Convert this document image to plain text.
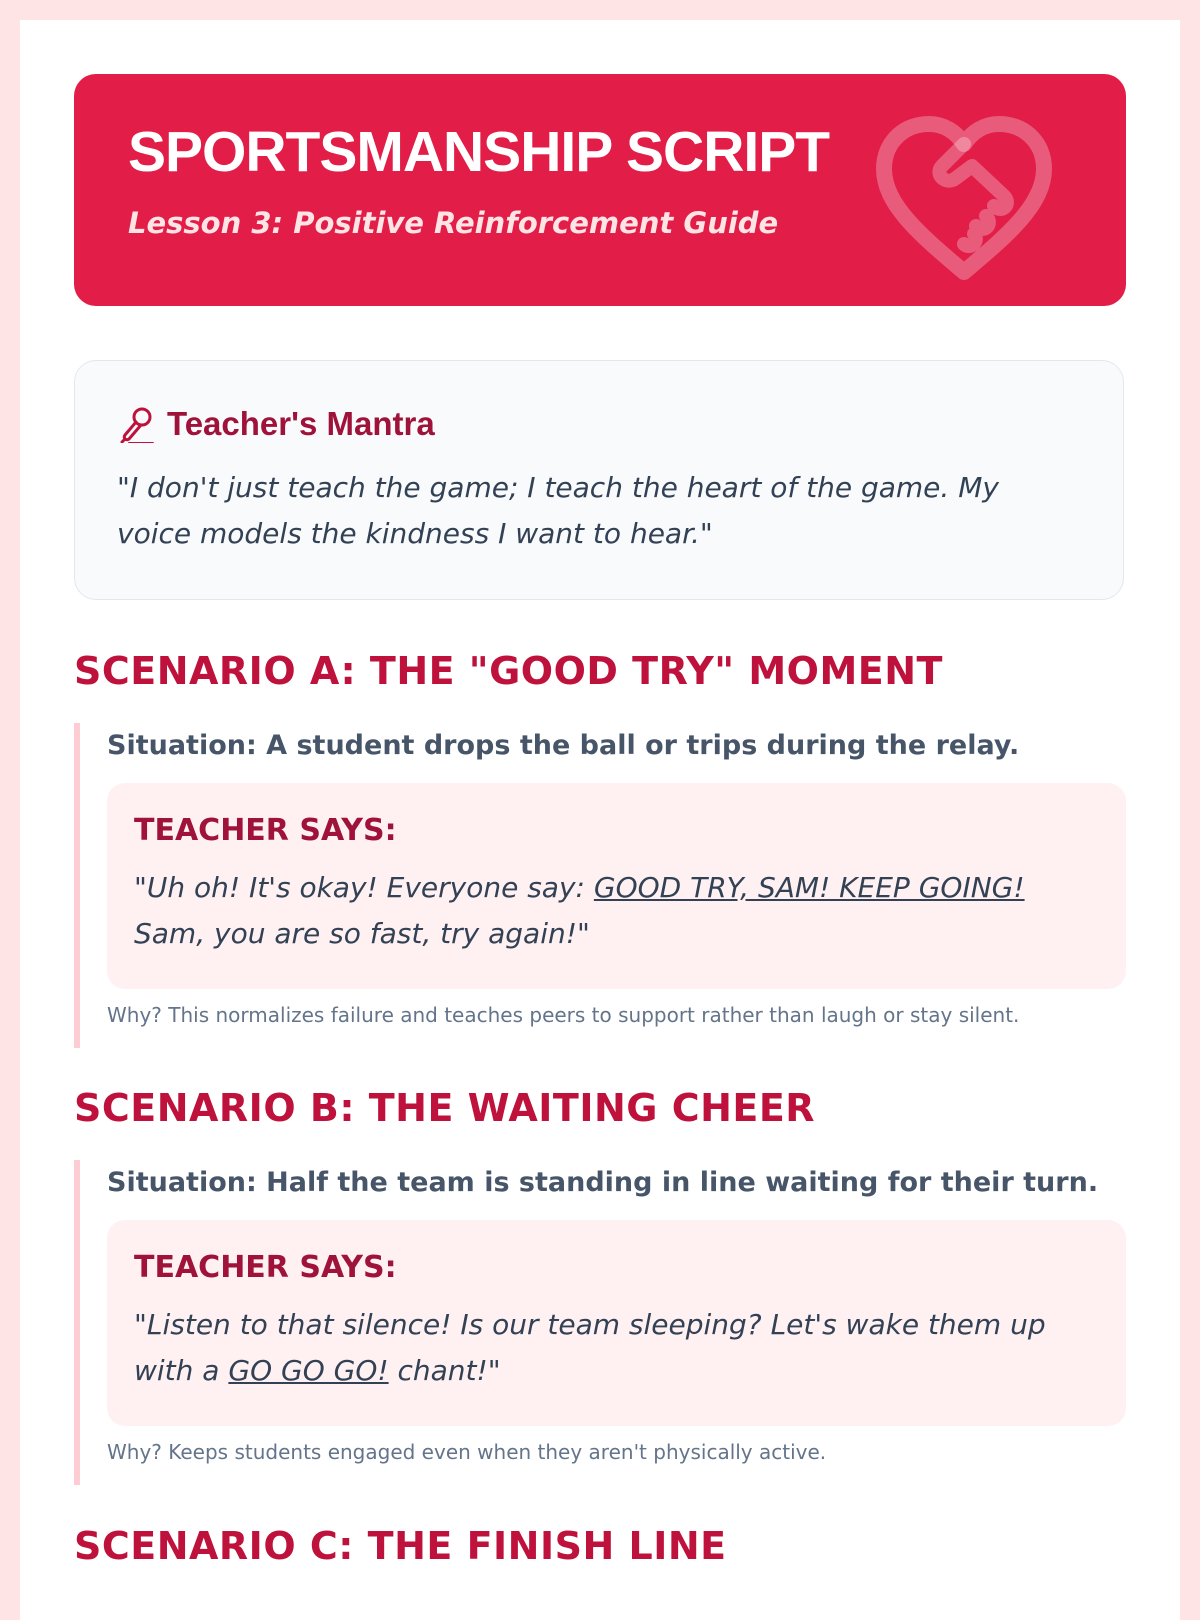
SPORTSMANSHIP SCRIPT

Lesson 3: Positive Reinforcement Guide

Teacher's Mantra

"I don't just teach the game; I teach the heart of the game. My voice models the kindness I want to hear."

SCENARIO A: THE "GOOD TRY" MOMENT

Situation: A student drops the ball or trips during the relay.

TEACHER SAYS:

"Uh oh! It's okay! Everyone say: GOOD TRY, SAM! KEEP GOING! Sam, you are so fast, try again!"

Why? This normalizes failure and teaches peers to support rather than laugh or stay silent.

SCENARIO B: THE WAITING CHEER

Situation: Half the team is standing in line waiting for their turn.

TEACHER SAYS:

"Listen to that silence! Is our team sleeping? Let's wake them up with a GO GO GO! chant!"

Why? Keeps students engaged even when they aren't physically active.

SCENARIO C: THE FINISH LINE
